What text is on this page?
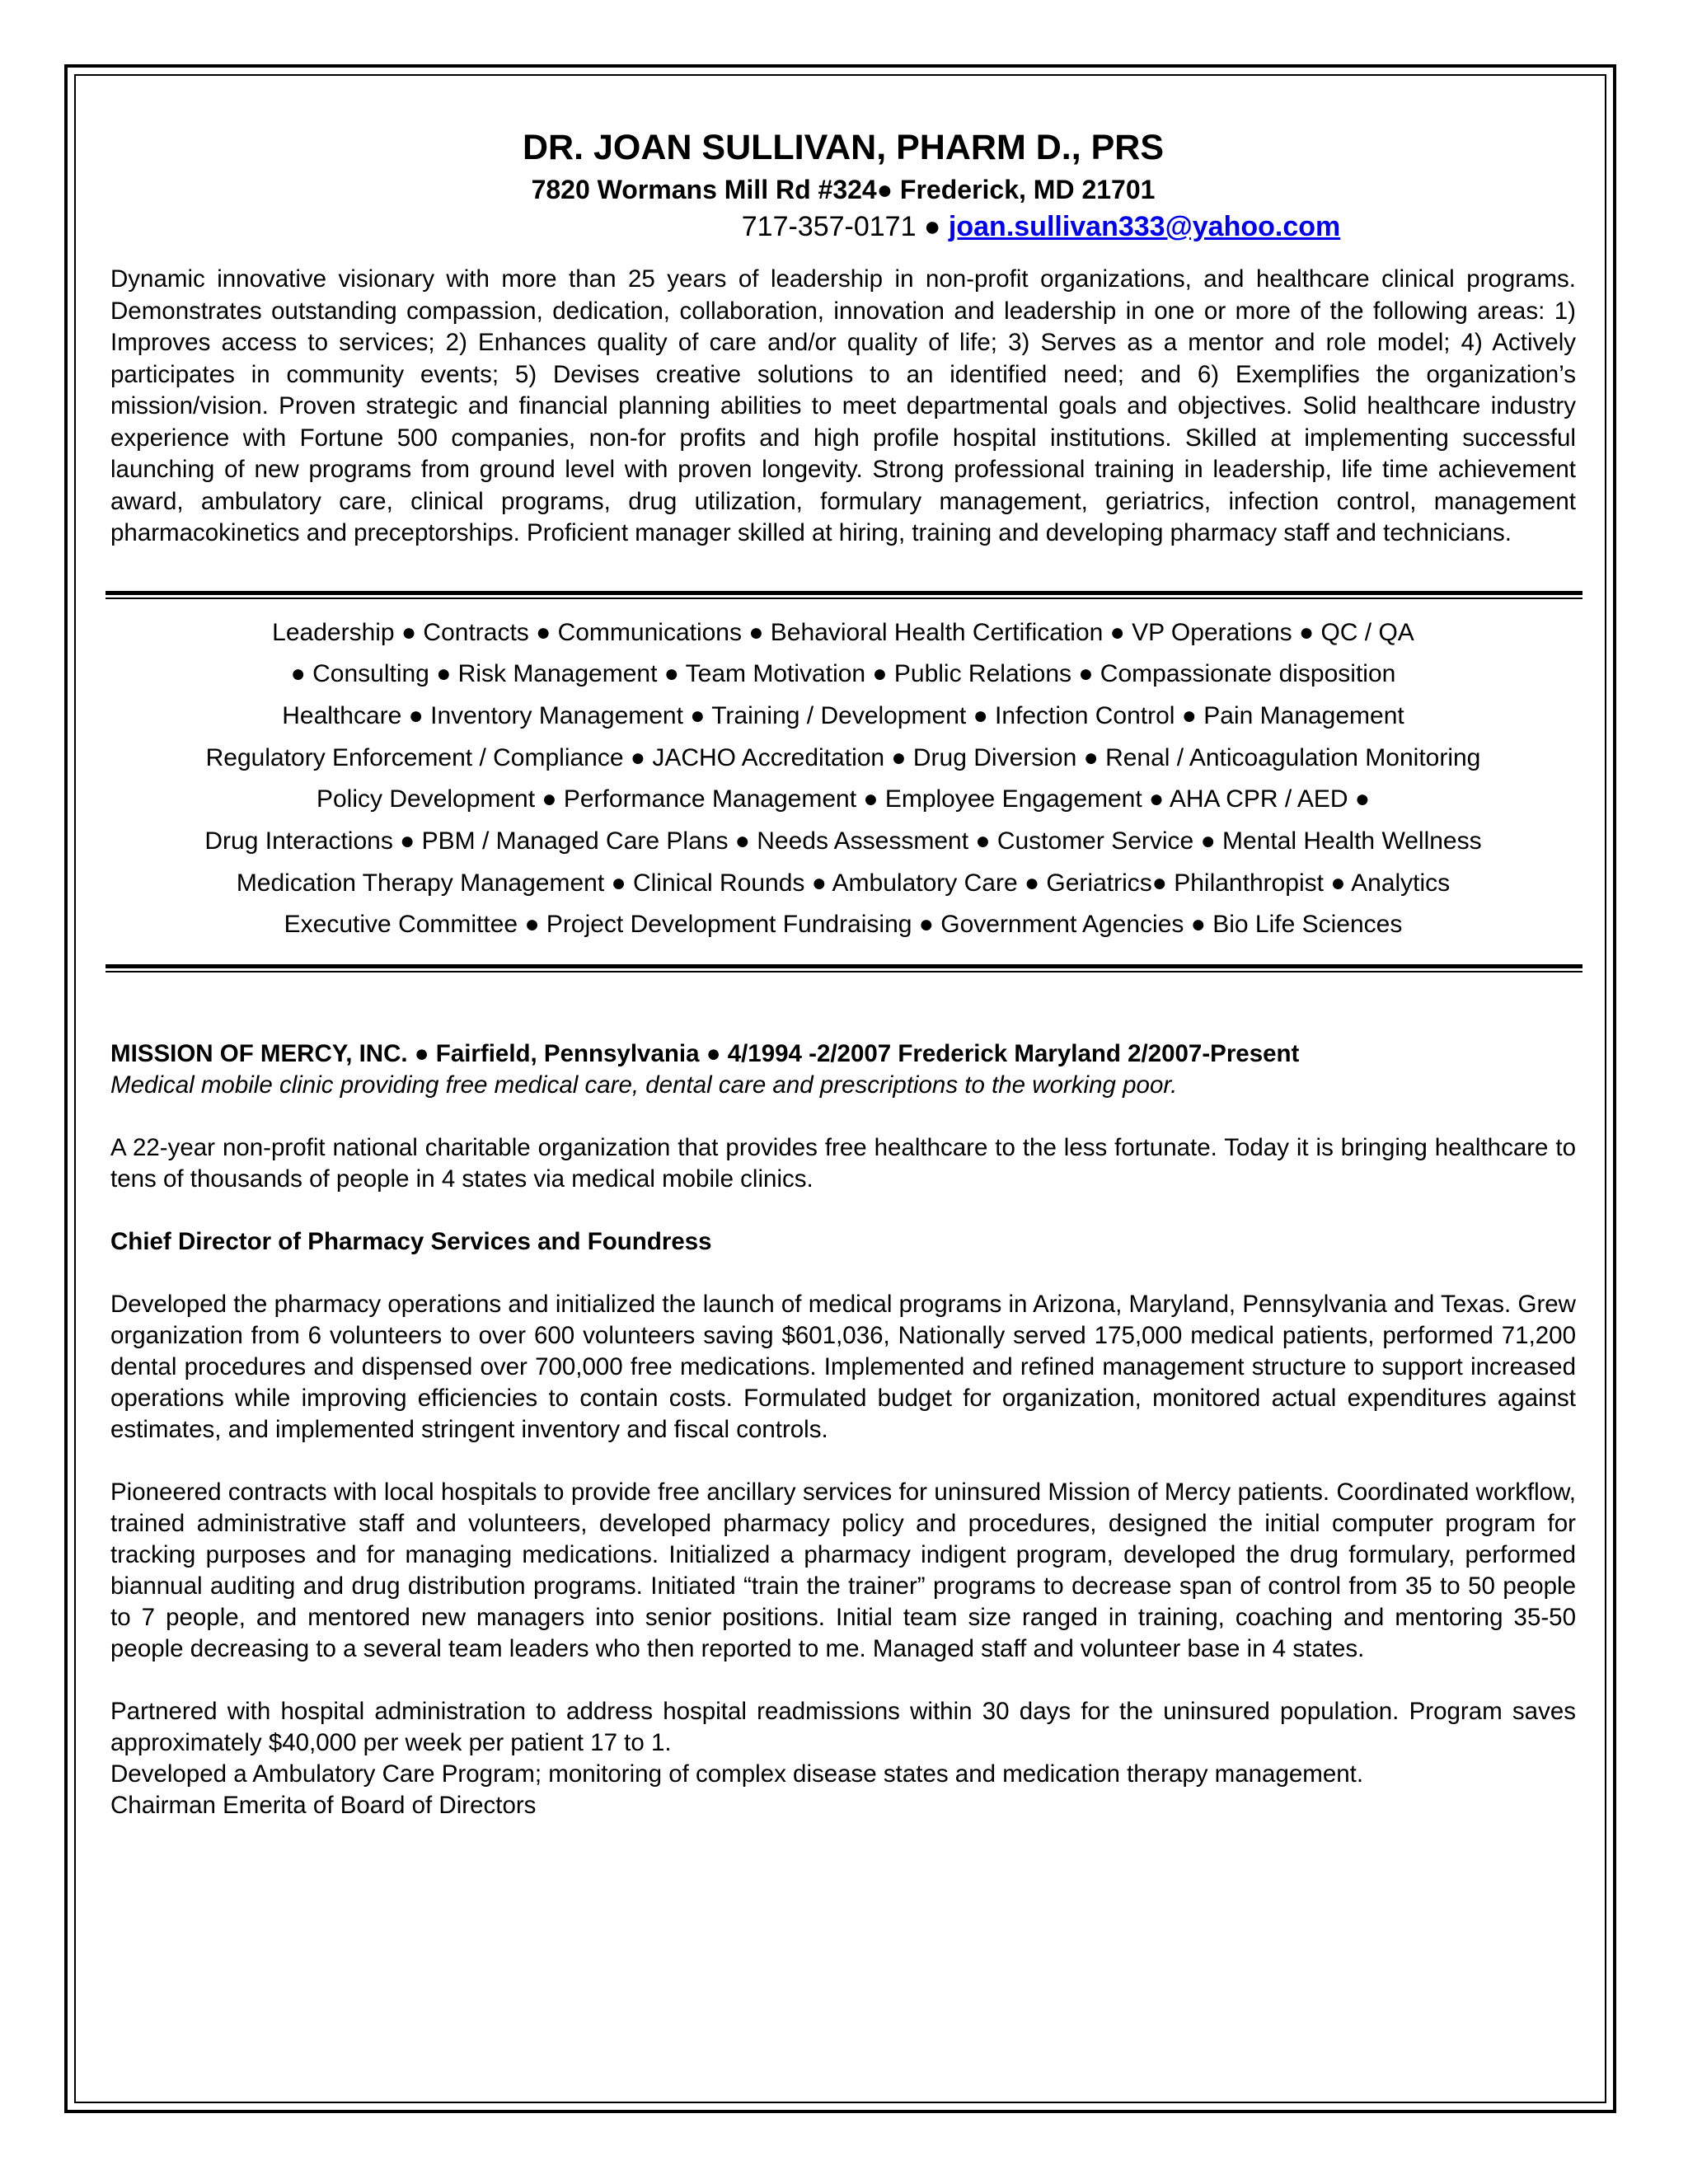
DR. JOAN SULLIVAN, PHARM D., PRS
7820 Wormans Mill Rd #324● Frederick, MD 21701
717-357-0171 ● joan.sullivan333@yahoo.com
Dynamic innovative visionary with more than 25 years of leadership in non-profit organizations, and healthcare clinical programs. Demonstrates outstanding compassion, dedication, collaboration, innovation and leadership in one or more of the following areas: 1) Improves access to services; 2) Enhances quality of care and/or quality of life; 3) Serves as a mentor and role model; 4) Actively participates in community events; 5) Devises creative solutions to an identified need; and 6) Exemplifies the organization’s mission/vision. Proven strategic and financial planning abilities to meet departmental goals and objectives. Solid healthcare industry experience with Fortune 500 companies, non-for profits and high profile hospital institutions. Skilled at implementing successful launching of new programs from ground level with proven longevity. Strong professional training in leadership, life time achievement award, ambulatory care, clinical programs, drug utilization, formulary management, geriatrics, infection control, management pharmacokinetics and preceptorships. Proficient manager skilled at hiring, training and developing pharmacy staff and technicians.
Leadership ● Contracts ● Communications ● Behavioral Health Certification ● VP Operations ● QC / QA
● Consulting ● Risk Management ● Team Motivation ● Public Relations ● Compassionate disposition
Healthcare ● Inventory Management ● Training / Development ● Infection Control ● Pain Management
Regulatory Enforcement / Compliance ● JACHO Accreditation ● Drug Diversion ● Renal / Anticoagulation Monitoring
Policy Development ● Performance Management ● Employee Engagement ● AHA CPR / AED ●
Drug Interactions ● PBM / Managed Care Plans ● Needs Assessment ● Customer Service ● Mental Health Wellness
Medication Therapy Management ● Clinical Rounds ● Ambulatory Care ● Geriatrics● Philanthropist ● Analytics
Executive Committee ● Project Development Fundraising ● Government Agencies ● Bio Life Sciences
MISSION OF MERCY, INC. ● Fairfield, Pennsylvania ● 4/1994 -2/2007 Frederick Maryland 2/2007-Present
Medical mobile clinic providing free medical care, dental care and prescriptions to the working poor.
A 22-year non-profit national charitable organization that provides free healthcare to the less fortunate. Today it is bringing healthcare to tens of thousands of people in 4 states via medical mobile clinics.
Chief Director of Pharmacy Services and Foundress
Developed the pharmacy operations and initialized the launch of medical programs in Arizona, Maryland, Pennsylvania and Texas. Grew organization from 6 volunteers to over 600 volunteers saving $601,036, Nationally served 175,000 medical patients, performed 71,200 dental procedures and dispensed over 700,000 free medications. Implemented and refined management structure to support increased operations while improving efficiencies to contain costs. Formulated budget for organization, monitored actual expenditures against estimates, and implemented stringent inventory and fiscal controls.
Pioneered contracts with local hospitals to provide free ancillary services for uninsured Mission of Mercy patients. Coordinated workflow, trained administrative staff and volunteers, developed pharmacy policy and procedures, designed the initial computer program for tracking purposes and for managing medications. Initialized a pharmacy indigent program, developed the drug formulary, performed biannual auditing and drug distribution programs. Initiated “train the trainer” programs to decrease span of control from 35 to 50 people to 7 people, and mentored new managers into senior positions. Initial team size ranged in training, coaching and mentoring 35-50 people decreasing to a several team leaders who then reported to me. Managed staff and volunteer base in 4 states.
Partnered with hospital administration to address hospital readmissions within 30 days for the uninsured population. Program saves approximately $40,000 per week per patient 17 to 1.
Developed a Ambulatory Care Program; monitoring of complex disease states and medication therapy management.
Chairman Emerita of Board of Directors
